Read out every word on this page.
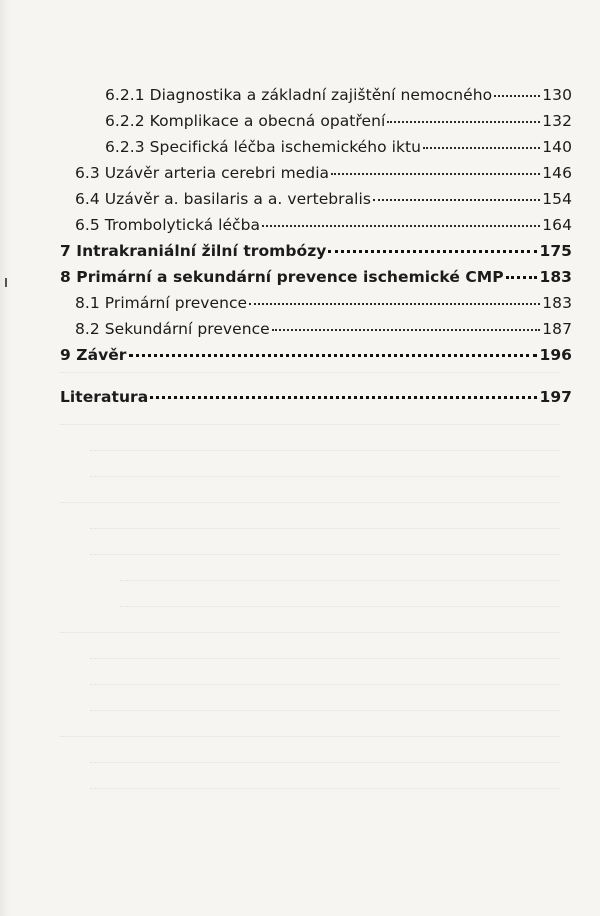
6.2.1 Diagnostika a základní zajištění nemocného	130
6.2.2 Komplikace a obecná opatření	132
6.2.3 Specifická léčba ischemického iktu	140
6.3 Uzávěr arteria cerebri media	146
6.4 Uzávěr a. basilaris a a. vertebralis	154
6.5 Trombolytická léčba	164
7 Intrakraniální žilní trombózy	175
8 Primární a sekundární prevence ischemické CMP 183
8.1 Primární prevence	183
8.2 Sekundární prevence	187
9 Závěr	196
Literatura	197
